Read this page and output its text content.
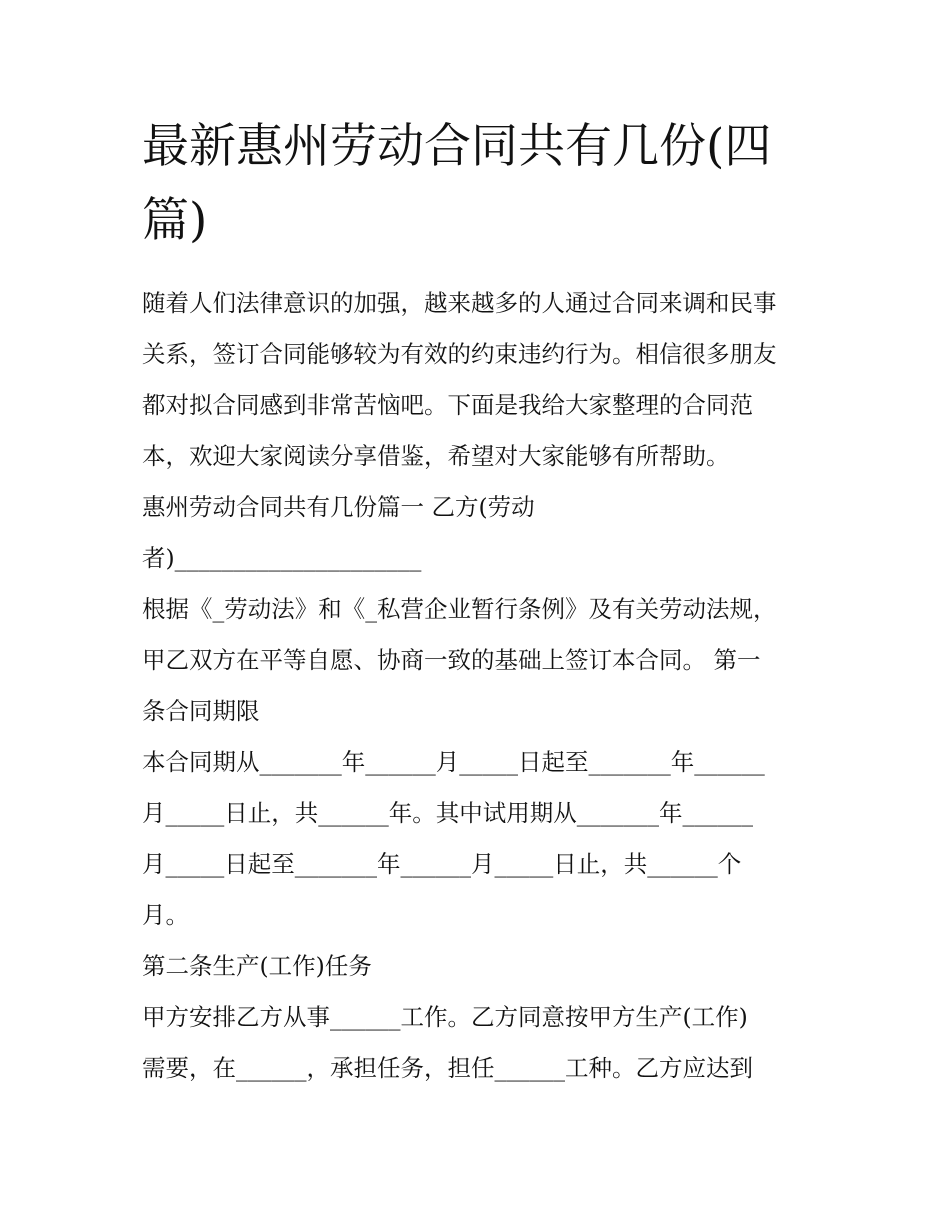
最新惠州劳动合同共有几份(四篇)
随着人们法律意识的加强，越来越多的人通过合同来调和民事
关系，签订合同能够较为有效的约束违约行为。相信很多朋友
都对拟合同感到非常苦恼吧。下面是我给大家整理的合同范
本，欢迎大家阅读分享借鉴，希望对大家能够有所帮助。
惠州劳动合同共有几份篇一 乙方(劳动
者)_____________________
根据《_劳动法》和《_私营企业暂行条例》及有关劳动法规，
甲乙双方在平等自愿、协商一致的基础上签订本合同。 第一
条合同期限
本合同期从_______年______月_____日起至_______年______
月_____日止，共______年。其中试用期从_______年______
月_____日起至_______年______月_____日止，共______个
月。
第二条生产(工作)任务
甲方安排乙方从事______工作。乙方同意按甲方生产(工作)
需要，在______，承担任务，担任______工种。乙方应达到
